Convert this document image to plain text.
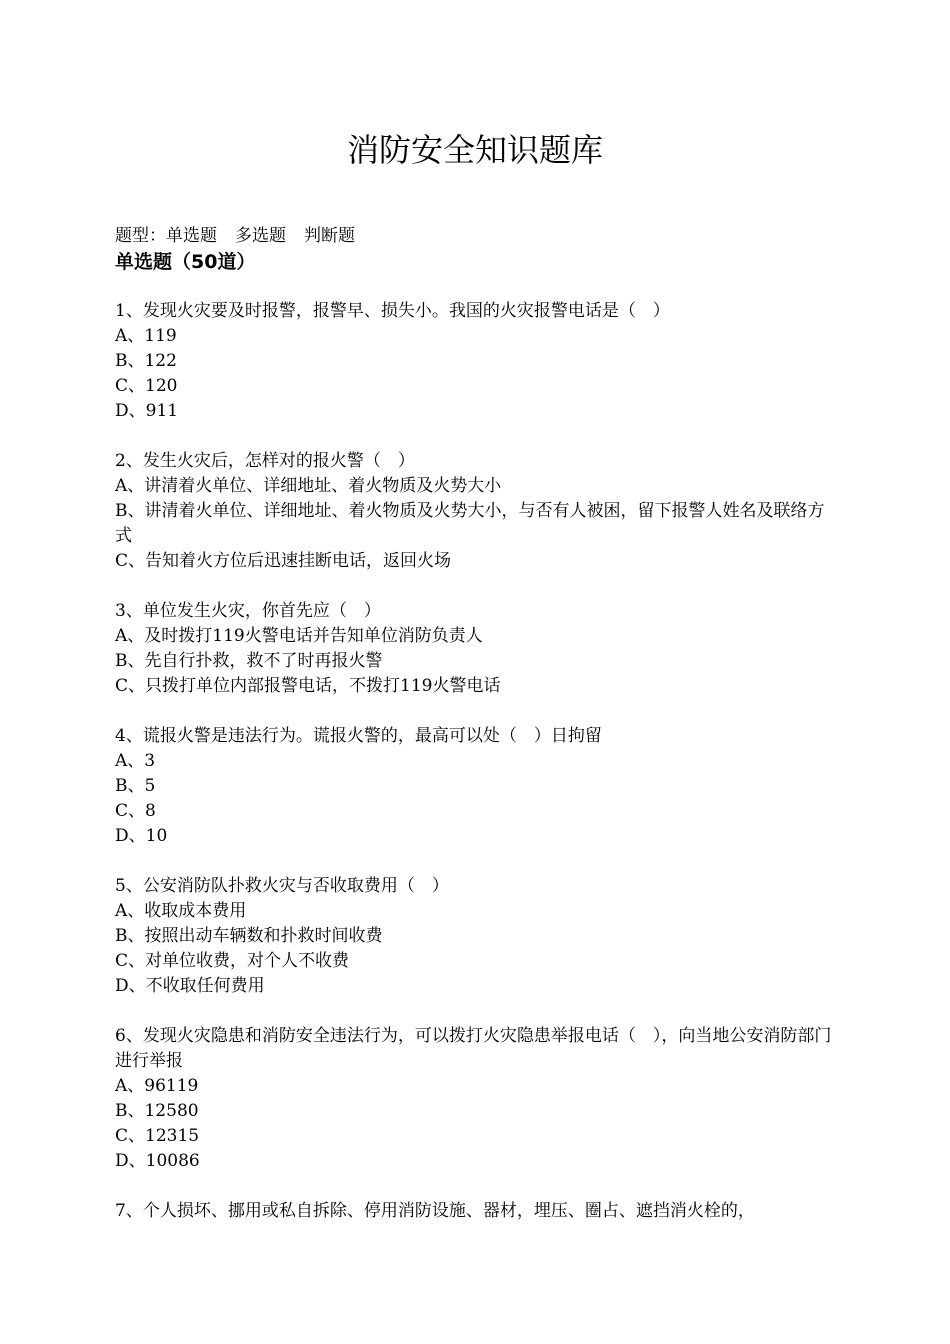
消防安全知识题库
题型： 单选题 多选题 判断题
单选题（50道）

1、发现火灾要及时报警，报警早、损失小。我国的火灾报警电话是（　）

A、119

B、122

C、120

D、911

2、发生火灾后，怎样对的报火警（　）

A、讲清着火单位、详细地址、着火物质及火势大小

B、讲清着火单位、详细地址、着火物质及火势大小，与否有人被困，留下报警人姓名及联络方式

C、告知着火方位后迅速挂断电话，返回火场

3、单位发生火灾，你首先应（　）

A、及时拨打119火警电话并告知单位消防负责人

B、先自行扑救，救不了时再报火警

C、只拨打单位内部报警电话，不拨打119火警电话

4、谎报火警是违法行为。谎报火警的，最高可以处（　）日拘留

A、3

B、5

C、8

D、10

5、公安消防队扑救火灾与否收取费用（　）

A、收取成本费用

B、按照出动车辆数和扑救时间收费

C、对单位收费，对个人不收费

D、不收取任何费用

6、发现火灾隐患和消防安全违法行为，可以拨打火灾隐患举报电话（　），向当地公安消防部门进行举报

A、96119

B、12580

C、12315

D、10086

7、个人损坏、挪用或私自拆除、停用消防设施、器材，埋压、圈占、遮挡消火栓的，
